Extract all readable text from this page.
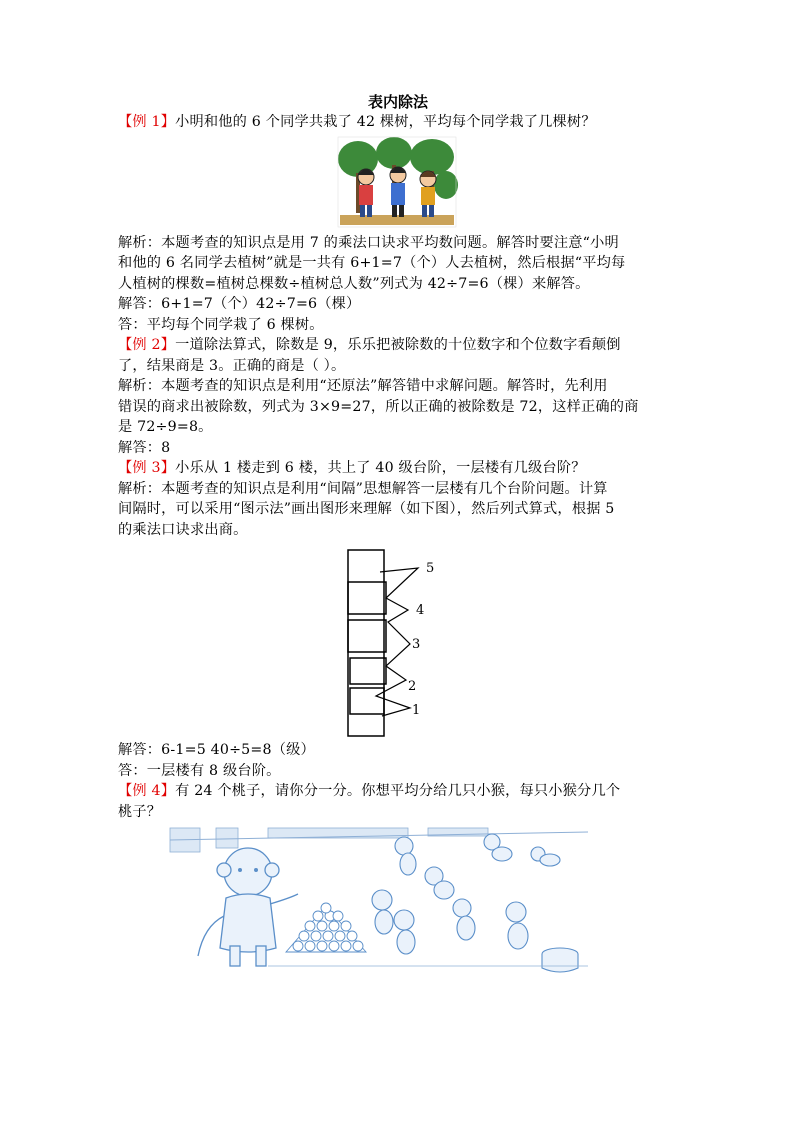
表内除法

【例 1】小明和他的 6 个同学共栽了 42 棵树，平均每个同学栽了几棵树？

解析：本题考查的知识点是用 7 的乘法口诀求平均数问题。解答时要注意“小明

和他的 6 名同学去植树”就是一共有 6+1=7（个）人去植树，然后根据“平均每

人植树的棵数=植树总棵数÷植树总人数”列式为 42÷7=6（棵）来解答。

解答：6+1=7（个）42÷7=6（棵）

答：平均每个同学栽了 6 棵树。

【例 2】一道除法算式，除数是 9，乐乐把被除数的十位数字和个位数字看颠倒

了，结果商是 3。正确的商是（ ）。

解析：本题考查的知识点是利用“还原法”解答错中求解问题。解答时，先利用

错误的商求出被除数，列式为 3×9=27，所以正确的被除数是 72，这样正确的商

是 72÷9=8。

解答：8

【例 3】小乐从 1 楼走到 6 楼，共上了 40 级台阶，一层楼有几级台阶？

解析：本题考查的知识点是利用“间隔”思想解答一层楼有几个台阶问题。计算

间隔时，可以采用“图示法”画出图形来理解（如下图），然后列式算式，根据 5

的乘法口诀求出商。

5
4
3
2
1

解答：6-1=5 40÷5=8（级）

答：一层楼有 8 级台阶。

【例 4】有 24 个桃子，请你分一分。你想平均分给几只小猴，每只小猴分几个

桃子？
